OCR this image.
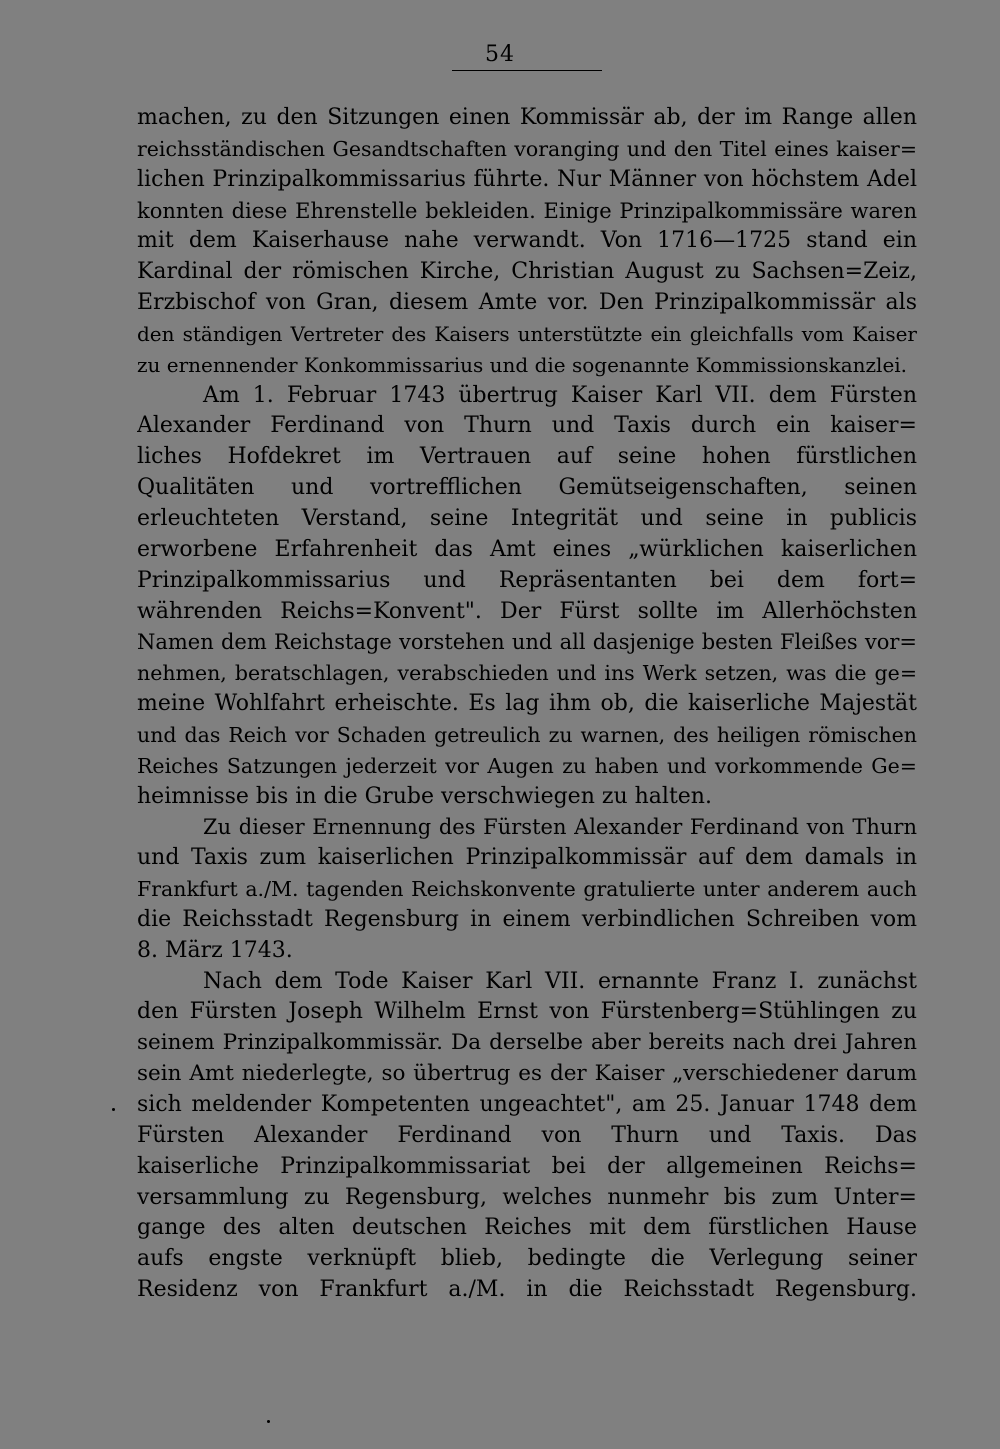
54
machen, zu den Sitzungen einen Kommissär ab, der im Range allen
reichsständischen Gesandtschaften voranging und den Titel eines kaiser=
lichen Prinzipalkommissarius führte. Nur Männer von höchstem Adel
konnten diese Ehrenstelle bekleiden. Einige Prinzipalkommissäre waren
mit dem Kaiserhause nahe verwandt. Von 1716—1725 stand ein
Kardinal der römischen Kirche, Christian August zu Sachsen=Zeiz,
Erzbischof von Gran, diesem Amte vor. Den Prinzipalkommissär als
den ständigen Vertreter des Kaisers unterstützte ein gleichfalls vom Kaiser
zu ernennender Konkommissarius und die sogenannte Kommissionskanzlei.
Am 1. Februar 1743 übertrug Kaiser Karl VII. dem Fürsten
Alexander Ferdinand von Thurn und Taxis durch ein kaiser=
liches Hofdekret im Vertrauen auf seine hohen fürstlichen
Qualitäten und vortrefflichen Gemütseigenschaften, seinen
erleuchteten Verstand, seine Integrität und seine in publicis
erworbene Erfahrenheit das Amt eines „würklichen kaiserlichen
Prinzipalkommissarius und Repräsentanten bei dem fort=
währenden Reichs=Konvent". Der Fürst sollte im Allerhöchsten
Namen dem Reichstage vorstehen und all dasjenige besten Fleißes vor=
nehmen, beratschlagen, verabschieden und ins Werk setzen, was die ge=
meine Wohlfahrt erheischte. Es lag ihm ob, die kaiserliche Majestät
und das Reich vor Schaden getreulich zu warnen, des heiligen römischen
Reiches Satzungen jederzeit vor Augen zu haben und vorkommende Ge=
heimnisse bis in die Grube verschwiegen zu halten.
Zu dieser Ernennung des Fürsten Alexander Ferdinand von Thurn
und Taxis zum kaiserlichen Prinzipalkommissär auf dem damals in
Frankfurt a./M. tagenden Reichskonvente gratulierte unter anderem auch
die Reichsstadt Regensburg in einem verbindlichen Schreiben vom
8. März 1743.
Nach dem Tode Kaiser Karl VII. ernannte Franz I. zunächst
den Fürsten Joseph Wilhelm Ernst von Fürstenberg=Stühlingen zu
seinem Prinzipalkommissär. Da derselbe aber bereits nach drei Jahren
sein Amt niederlegte, so übertrug es der Kaiser „verschiedener darum
sich meldender Kompetenten ungeachtet", am 25. Januar 1748 dem
Fürsten Alexander Ferdinand von Thurn und Taxis. Das
kaiserliche Prinzipalkommissariat bei der allgemeinen Reichs=
versammlung zu Regensburg, welches nunmehr bis zum Unter=
gange des alten deutschen Reiches mit dem fürstlichen Hause
aufs engste verknüpft blieb, bedingte die Verlegung seiner
Residenz von Frankfurt a./M. in die Reichsstadt Regensburg.
